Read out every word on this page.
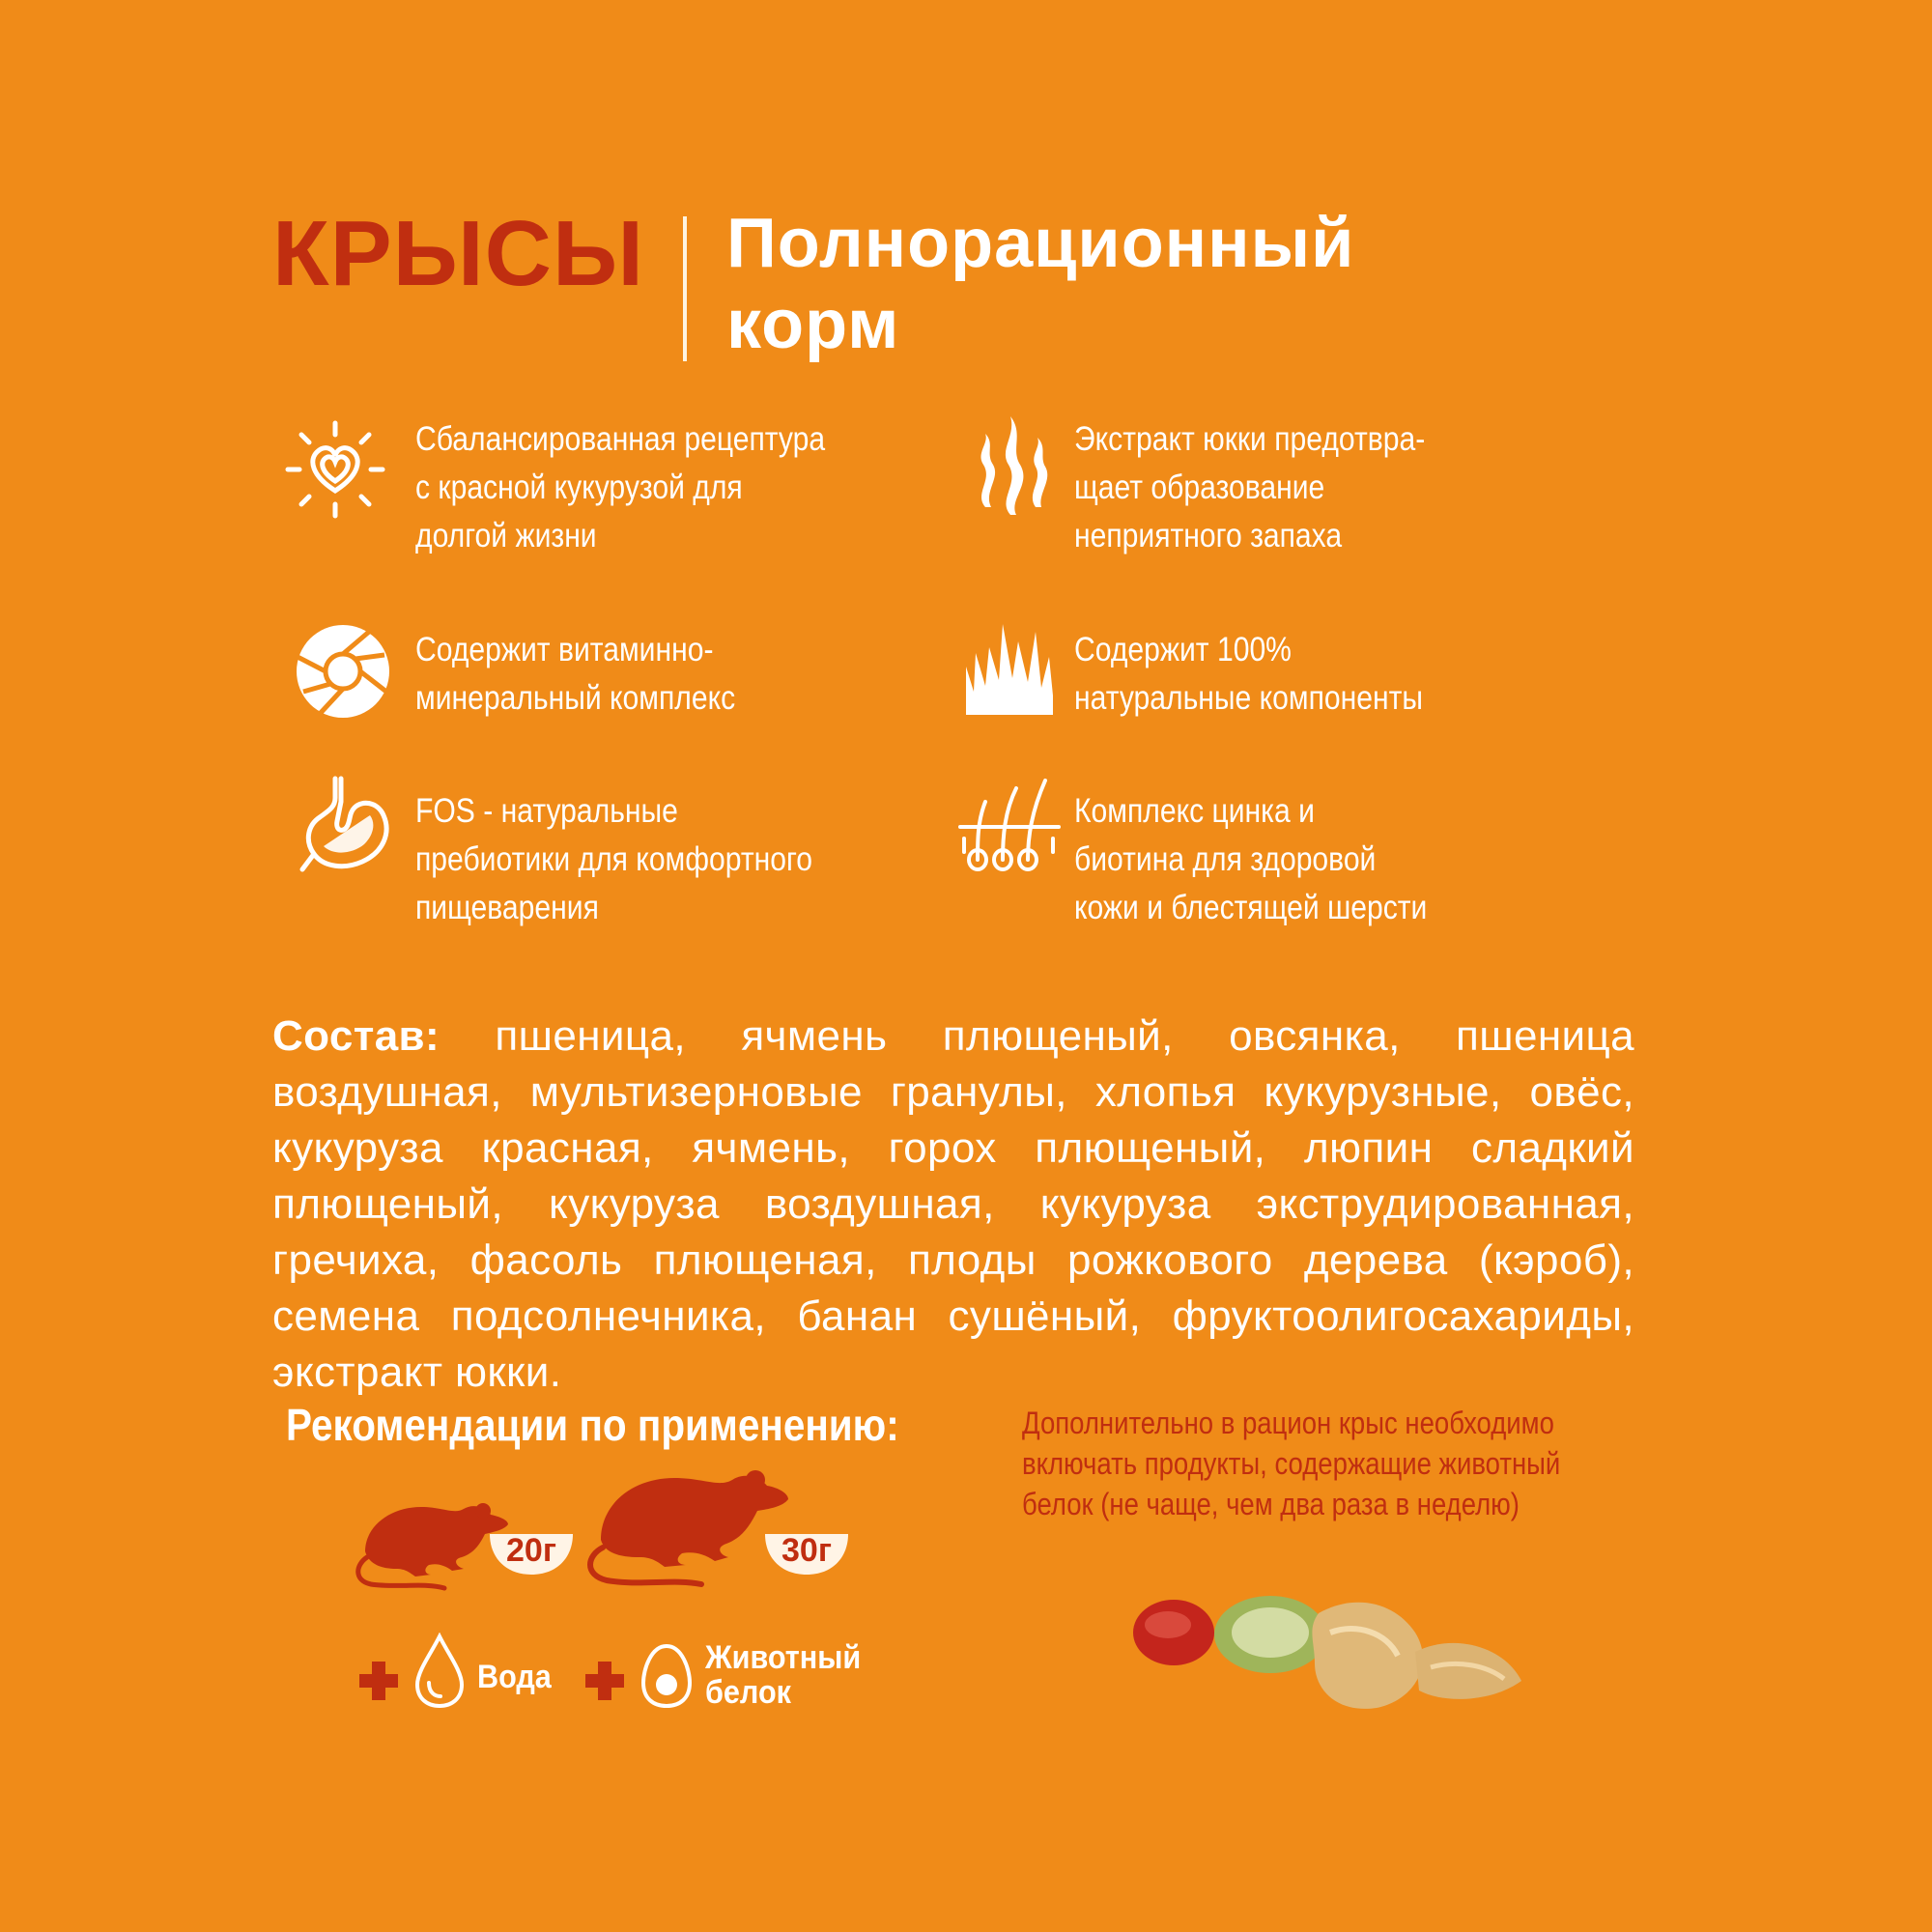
КРЫСЫ Полнорационный
корм
Сбалансированная рецептура
с красной кукурузой для
долгой жизни
Экстракт юкки предотвра-
щает образование
неприятного запаха
Содержит витаминно-
минеральный комплекс
Содержит 100%
натуральные компоненты
FOS - натуральные
пребиотики для комфортного
пищеварения
Комплекс цинка и
биотина для здоровой
кожи и блестящей шерсти
Состав: пшеница, ячмень плющеный, овсянка, пшеница воздушная, мультизерновые гранулы, хлопья кукурузные, овёс, кукуруза красная, ячмень, горох плющеный, люпин сладкий плющеный, кукуруза воздушная, кукуруза экструдированная, гречиха, фасоль плющеная, плоды рожкового дерева (кэроб), семена подсолнечника, банан сушёный, фруктоолигосахариды, экстракт юкки.
Рекомендации по применению:
20г	30г
Вода
Животный
белок
Дополнительно в рацион крыс необходимо
включать продукты, содержащие животный
белок (не чаще, чем два раза в неделю)
